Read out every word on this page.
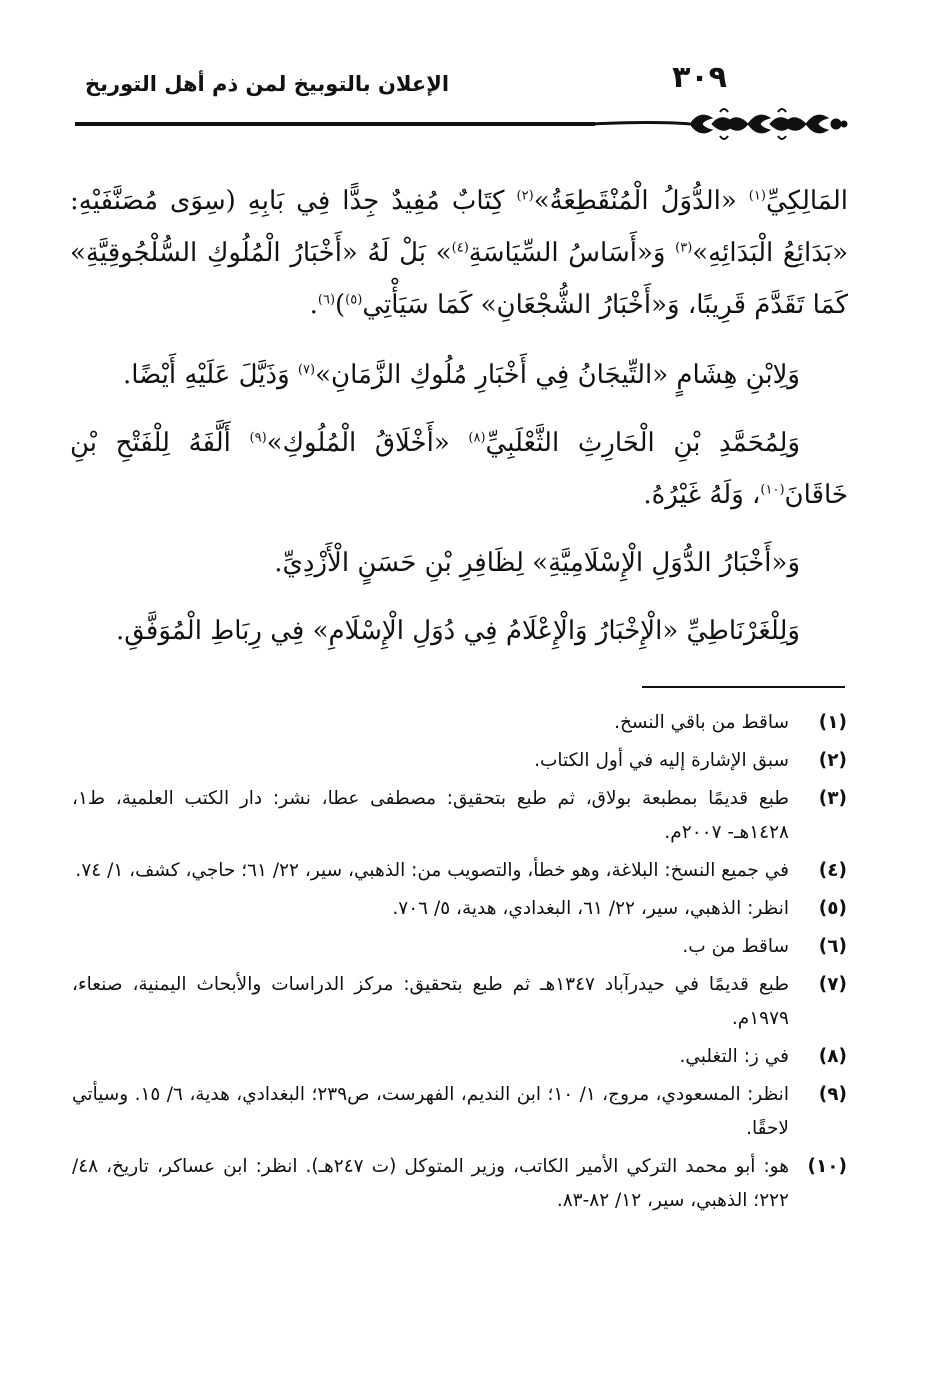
٣٠٩
الإعلان بالتوبيخ لمن ذم أهل التوريخ

المَالِكِيِّ$^{(١)}$ «الدُّوَلُ الْمُنْقَطِعَةُ»$^{(٢)}$ كِتَابٌ مُفِيدٌ جِدًّا فِي بَابِهِ (سِوَى مُصَنَّفَيْهِ: «بَدَائِعُ الْبَدَائِهِ»$^{(٣)}$ وَ«أَسَاسُ السِّيَاسَةِ$^{(٤)}$» بَلْ لَهُ «أَخْبَارُ الْمُلُوكِ السُّلْجُوقِيَّةِ» كَمَا تَقَدَّمَ قَرِيبًا، وَ«أَخْبَارُ الشُّجْعَانِ» كَمَا سَيَأْتِي$^{(٥)}$)$^{(٦)}$.

وَلِابْنِ هِشَامٍ «التِّيجَانُ فِي أَخْبَارِ مُلُوكِ الزَّمَانِ»$^{(٧)}$ وَذَيَّلَ عَلَيْهِ أَيْضًا.

وَلِمُحَمَّدِ بْنِ الْحَارِثِ الثَّعْلَبِيِّ$^{(٨)}$ «أَخْلَاقُ الْمُلُوكِ»$^{(٩)}$ أَلَّفَهُ لِلْفَتْحِ بْنِ خَاقَانَ$^{(١٠)}$، وَلَهُ غَيْرُهُ.

وَ«أَخْبَارُ الدُّوَلِ الْإِسْلَامِيَّةِ» لِظَافِرِ بْنِ حَسَنٍ الْأَزْدِيِّ.

وَلِلْغَرْنَاطِيِّ «الْإِخْبَارُ وَالْإِعْلَامُ فِي دُوَلِ الْإِسْلَامِ» فِي رِبَاطِ الْمُوَفَّقِ.

(١)
ساقط من باقي النسخ.
(٢)
سبق الإشارة إليه في أول الكتاب.
(٣)
طبع قديمًا بمطبعة بولاق، ثم طبع بتحقيق: مصطفى عطا، نشر: دار الكتب العلمية، ط١، ١٤٢٨هـ- ٢٠٠٧م.
(٤)
في جميع النسخ: البلاغة، وهو خطأ، والتصويب من: الذهبي، سير، ٢٢/ ٦١؛ حاجي، كشف، ١/ ٧٤.
(٥)
انظر: الذهبي، سير، ٢٢/ ٦١، البغدادي، هدية، ٥/ ٧٠٦.
(٦)
ساقط من ب.
(٧)
طبع قديمًا في حيدرآباد ١٣٤٧هـ ثم طبع بتحقيق: مركز الدراسات والأبحاث اليمنية، صنعاء، ١٩٧٩م.
(٨)
في ز: التغلبي.
(٩)
انظر: المسعودي، مروج، ١/ ١٠؛ ابن النديم، الفهرست، ص٢٣٩؛ البغدادي، هدية، ٦/ ١٥. وسيأتي لاحقًا.
(١٠)
هو: أبو محمد التركي الأمير الكاتب، وزير المتوكل (ت ٢٤٧هـ). انظر: ابن عساكر، تاريخ، ٤٨/ ٢٢٢؛ الذهبي، سير، ١٢/ ٨٢-٨٣.
